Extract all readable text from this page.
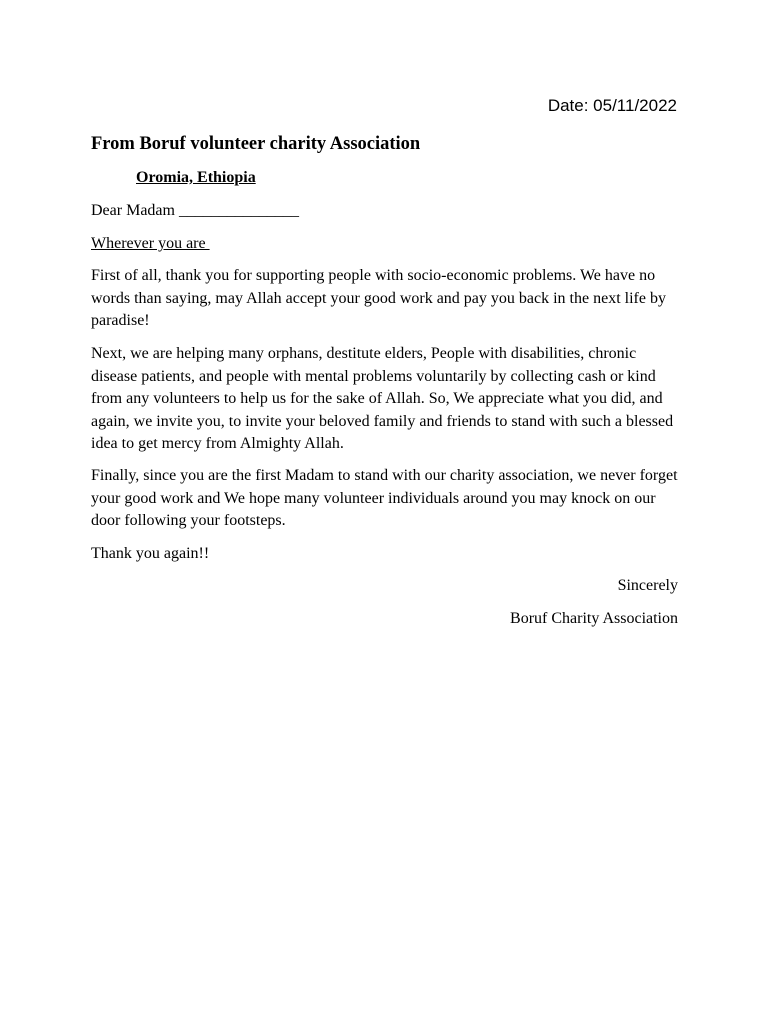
Date: 05/11/2022
From Boruf volunteer charity Association
Oromia, Ethiopia
Dear Madam _______________
Wherever you are

First of all, thank you for supporting people with socio-economic problems. We have no words than saying, may Allah accept your good work and pay you back in the next life by paradise!

Next, we are helping many orphans, destitute elders, People with disabilities, chronic disease patients, and people with mental problems voluntarily by collecting cash or kind from any volunteers to help us for the sake of Allah. So, We appreciate what you did, and again, we invite you, to invite your beloved family and friends to stand with such a blessed idea to get mercy from Almighty Allah.

Finally, since you are the first Madam to stand with our charity association, we never forget your good work and We hope many volunteer individuals around you may knock on our door following your footsteps.

Thank you again!!
Sincerely
Boruf Charity Association
